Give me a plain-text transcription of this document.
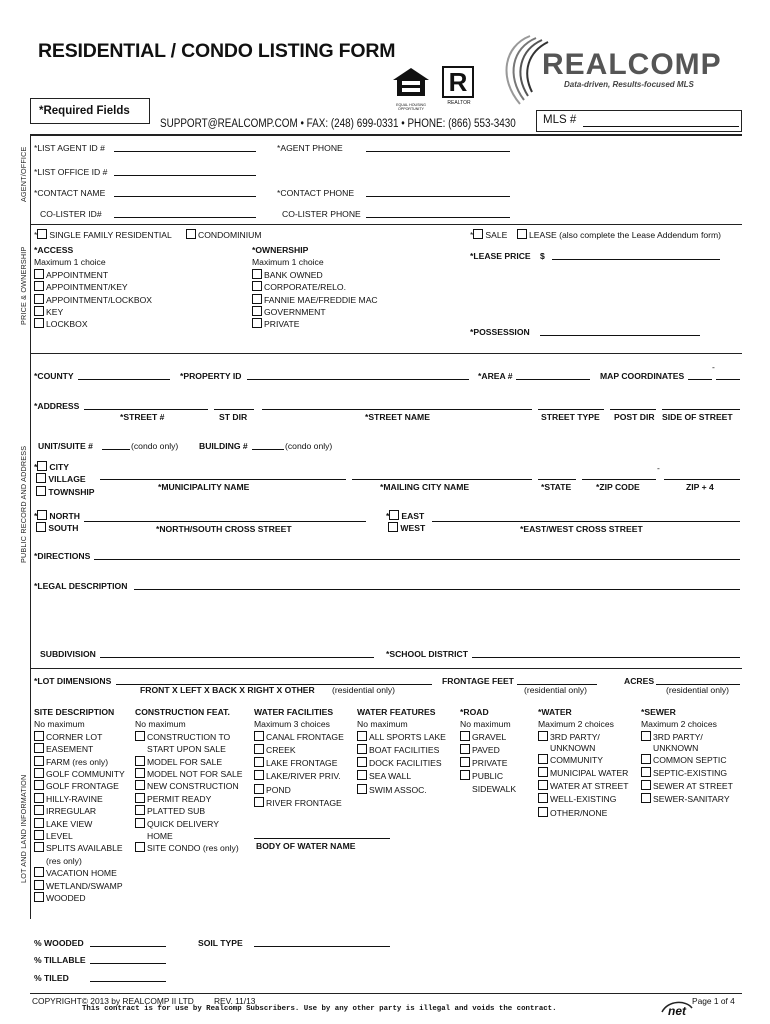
RESIDENTIAL / CONDO LISTING FORM
EQUAL HOUSING OPPORTUNITY
R
REALTOR
REALCOMP
Data-driven, Results-focused MLS
*Required Fields
SUPPORT@REALCOMP.COM • FAX: (248) 699-0331 • PHONE: (866) 553-3430 MLS #
AGENT/OFFICE *LIST AGENT ID #	*AGENT PHONE
*LIST OFFICE ID #
*CONTACT NAME	*CONTACT PHONE
CO-LISTER ID#	CO-LISTER PHONE
PRICE & OWNERSHIP
* SINGLE FAMILY RESIDENTIAL	CONDOMINIUM	* SALE	LEASE (also complete the Lease Addendum form)
*ACCESS
Maximum 1 choice
APPOINTMENT
APPOINTMENT/KEY
APPOINTMENT/LOCKBOX
KEY
LOCKBOX
*OWNERSHIP
Maximum 1 choice
BANK OWNED
CORPORATE/RELO.
FANNIE MAE/FREDDIE MAC
GOVERNMENT
PRIVATE
*LEASE PRICE $
*POSSESSION
PUBLIC RECORD AND ADDRESS
*COUNTY	*PROPERTY ID	*AREA #	MAP COORDINATES
-
*ADDRESS
*STREET #	ST DIR	*STREET NAME	STREET TYPE POST DIR SIDE OF STREET
UNIT/SUITE #	(condo only) BUILDING #	(condo only)
* CITY
VILLAGE
TOWNSHIP
-
*MUNICIPALITY NAME	*MAILING CITY NAME	*STATE	*ZIP CODE	ZIP + 4
* NORTH
SOUTH	*NORTH/SOUTH CROSS STREET
* EAST
WEST	*EAST/WEST CROSS STREET
*DIRECTIONS
*LEGAL DESCRIPTION
SUBDIVISION	*SCHOOL DISTRICT
LOT AND LAND INFORMATION
*LOT DIMENSIONS
FRONT X LEFT X BACK X RIGHT X OTHER (residential only)
FRONTAGE FEET
(residential only)
ACRES
(residential only)
SITE DESCRIPTION
No maximum
CORNER LOT
EASEMENT
FARM (res only)
GOLF COMMUNITY
GOLF FRONTAGE
HILLY-RAVINE
IRREGULAR
LAKE VIEW
LEVEL
SPLITS AVAILABLE
(res only)
VACATION HOME
WETLAND/SWAMP
WOODED
CONSTRUCTION FEAT.
No maximum
CONSTRUCTION TO
START UPON SALE
MODEL FOR SALE
MODEL NOT FOR SALE
NEW CONSTRUCTION
PERMIT READY
PLATTED SUB
QUICK DELIVERY
HOME
SITE CONDO (res only)
WATER FACILITIES
Maximum 3 choices
CANAL FRONTAGE
CREEK
LAKE FRONTAGE
LAKE/RIVER PRIV.
POND
RIVER FRONTAGE
BODY OF WATER NAME
WATER FEATURES
No maximum
ALL SPORTS LAKE
BOAT FACILITIES
DOCK FACILITIES
SEA WALL
SWIM ASSOC.
*ROAD
No maximum
GRAVEL
PAVED
PRIVATE
PUBLIC
SIDEWALK
*WATER
Maximum 2 choices
3RD PARTY/
UNKNOWN
COMMUNITY
MUNICIPAL WATER
WATER AT STREET
WELL-EXISTING
OTHER/NONE
*SEWER
Maximum 2 choices
3RD PARTY/
UNKNOWN
COMMON SEPTIC
SEPTIC-EXISTING
SEWER AT STREET
SEWER-SANITARY
% WOODED	SOIL TYPE
% TILLABLE
% TILED
COPYRIGHT© 2013 by REALCOMP II LTD REV. 11/13	Page 1 of 4
This contract is for use by Realcomp Subscribers. Use by any other party is illegal and voids the contract.	net
